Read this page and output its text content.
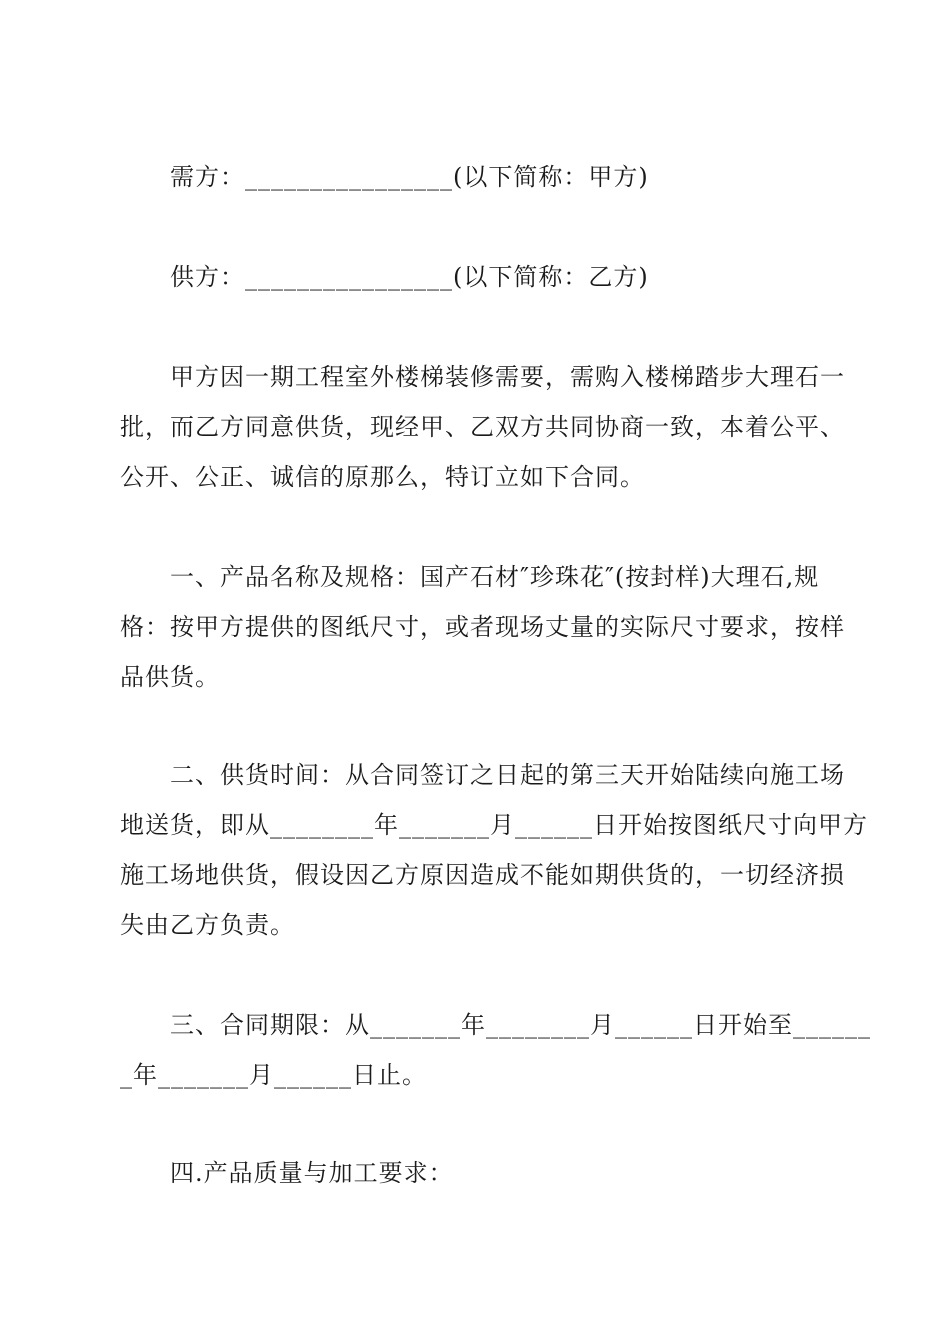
　　需方：________________(以下简称：甲方)
　　供方：________________(以下简称：乙方)
　　甲方因一期工程室外楼梯装修需要，需购入楼梯踏步大理石一
批，而乙方同意供货，现经甲、乙双方共同协商一致，本着公平、
公开、公正、诚信的原那么，特订立如下合同。
　　一、产品名称及规格：国产石材″珍珠花″(按封样)大理石,规
格：按甲方提供的图纸尺寸，或者现场丈量的实际尺寸要求，按样
品供货。
　　二、供货时间：从合同签订之日起的第三天开始陆续向施工场
地送货，即从________年_______月______日开始按图纸尺寸向甲方
施工场地供货，假设因乙方原因造成不能如期供货的，一切经济损
失由乙方负责。
　　三、合同期限：从_______年________月______日开始至______
_年_______月______日止。
　　四.产品质量与加工要求：
